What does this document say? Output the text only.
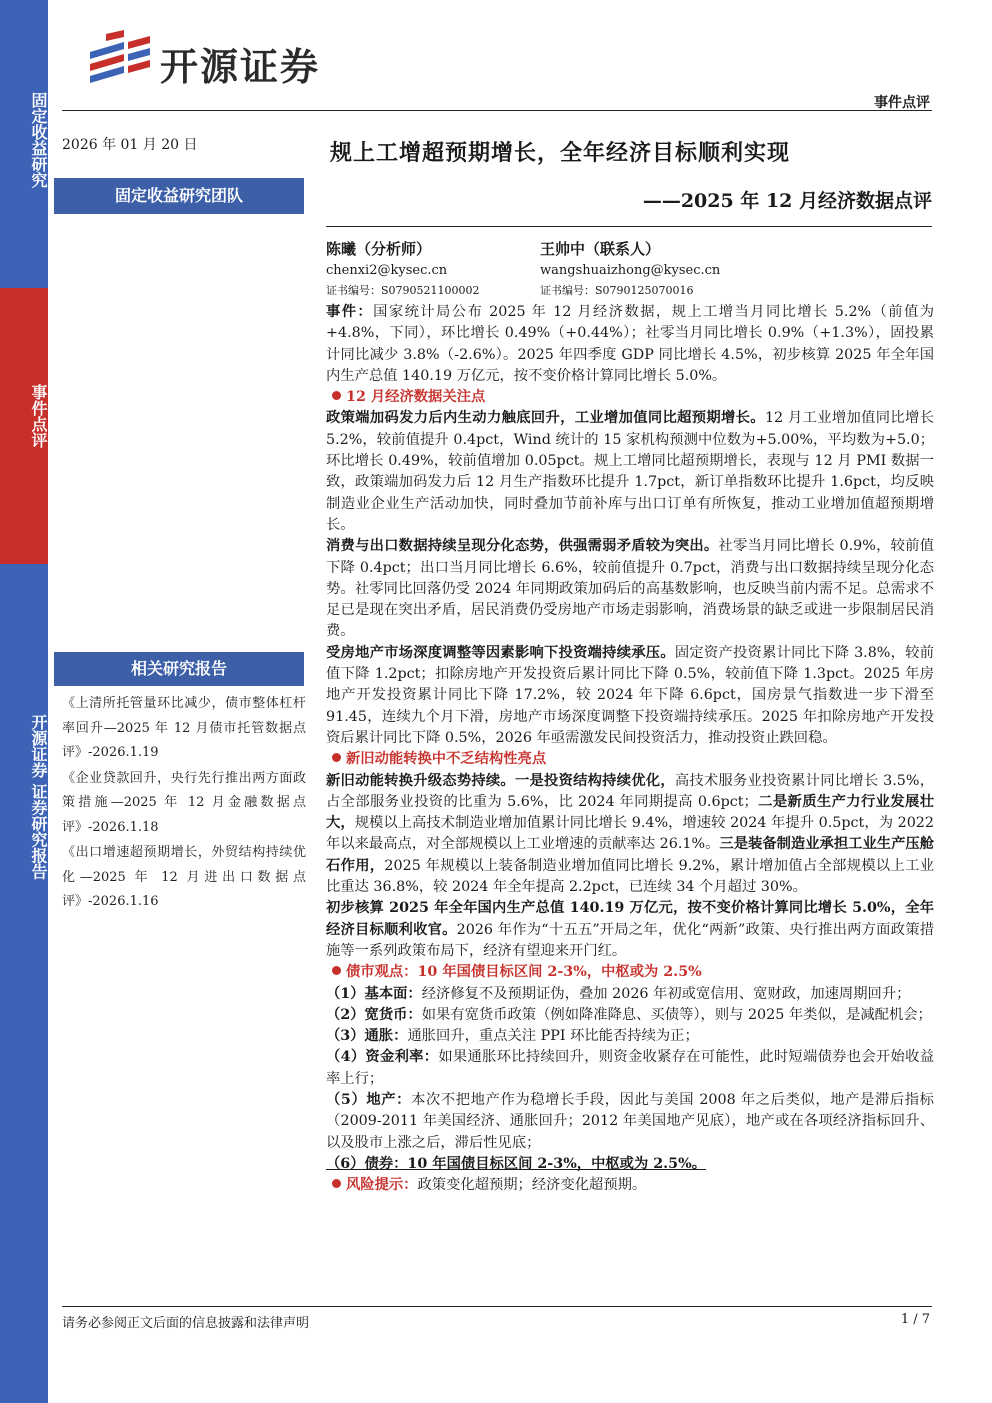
固定收益研究
事件点评
开源证券 证券研究报告
开源证券
事件点评
2026 年 01 月 20 日
固定收益研究团队
规上工增超预期增长，全年经济目标顺利实现
——2025 年 12 月经济数据点评
陈曦（分析师）
chenxi2@kysec.cn
证书编号：S0790521100002
王帅中（联系人）
wangshuaizhong@kysec.cn
证书编号：S0790125070016
相关研究报告

《上清所托管量环比减少，债市整体杠杆率回升—2025 年 12 月债市托管数据点评》-2026.1.19

《企业贷款回升，央行先行推出两方面政策措施—2025 年 12 月金融数据点评》-2026.1.18

《出口增速超预期增长，外贸结构持续优化—2025 年 12 月进出口数据点评》-2026.1.16

事件：国家统计局公布 2025 年 12 月经济数据，规上工增当月同比增长 5.2%（前值为+4.8%，下同），环比增长 0.49%（+0.44%）；社零当月同比增长 0.9%（+1.3%），固投累计同比减少 3.8%（-2.6%）。2025 年四季度 GDP 同比增长 4.5%，初步核算 2025 年全年国内生产总值 140.19 万亿元，按不变价格计算同比增长 5.0%。

12 月经济数据关注点

政策端加码发力后内生动力触底回升，工业增加值同比超预期增长。12 月工业增加值同比增长 5.2%，较前值提升 0.4pct，Wind 统计的 15 家机构预测中位数为+5.00%，平均数为+5.0；环比增长 0.49%，较前值增加 0.05pct。规上工增同比超预期增长，表现与 12 月 PMI 数据一致，政策端加码发力后 12 月生产指数环比提升 1.7pct，新订单指数环比提升 1.6pct，均反映制造业企业生产活动加快，同时叠加节前补库与出口订单有所恢复，推动工业增加值超预期增长。

消费与出口数据持续呈现分化态势，供强需弱矛盾较为突出。社零当月同比增长 0.9%，较前值下降 0.4pct；出口当月同比增长 6.6%，较前值提升 0.7pct，消费与出口数据持续呈现分化态势。社零同比回落仍受 2024 年同期政策加码后的高基数影响，也反映当前内需不足。总需求不足已是现在突出矛盾，居民消费仍受房地产市场走弱影响，消费场景的缺乏或进一步限制居民消费。

受房地产市场深度调整等因素影响下投资端持续承压。固定资产投资累计同比下降 3.8%，较前值下降 1.2pct；扣除房地产开发投资后累计同比下降 0.5%，较前值下降 1.3pct。2025 年房地产开发投资累计同比下降 17.2%，较 2024 年下降 6.6pct，国房景气指数进一步下滑至 91.45，连续九个月下滑，房地产市场深度调整下投资端持续承压。2025 年扣除房地产开发投资后累计同比下降 0.5%，2026 年亟需激发民间投资活力，推动投资止跌回稳。

新旧动能转换中不乏结构性亮点

新旧动能转换升级态势持续。一是投资结构持续优化，高技术服务业投资累计同比增长 3.5%，占全部服务业投资的比重为 5.6%，比 2024 年同期提高 0.6pct；二是新质生产力行业发展壮大，规模以上高技术制造业增加值累计同比增长 9.4%，增速较 2024 年提升 0.5pct，为 2022 年以来最高点，对全部规模以上工业增速的贡献率达 26.1%。三是装备制造业承担工业生产压舱石作用，2025 年规模以上装备制造业增加值同比增长 9.2%，累计增加值占全部规模以上工业比重达 36.8%，较 2024 年全年提高 2.2pct，已连续 34 个月超过 30%。

初步核算 2025 年全年国内生产总值 140.19 万亿元，按不变价格计算同比增长 5.0%，全年经济目标顺利收官。2026 年作为“十五五”开局之年，优化“两新”政策、央行推出两方面政策措施等一系列政策布局下，经济有望迎来开门红。

债市观点：10 年国债目标区间 2-3%，中枢或为 2.5%

（1）基本面：经济修复不及预期证伪，叠加 2026 年初或宽信用、宽财政，加速周期回升；

（2）宽货币：如果有宽货币政策（例如降准降息、买债等），则与 2025 年类似，是减配机会；

（3）通胀：通胀回升，重点关注 PPI 环比能否持续为正；

（4）资金利率：如果通胀环比持续回升，则资金收紧存在可能性，此时短端债券也会开始收益率上行；

（5）地产：本次不把地产作为稳增长手段，因此与美国 2008 年之后类似，地产是滞后指标（2009-2011 年美国经济、通胀回升；2012 年美国地产见底），地产或在各项经济指标回升、以及股市上涨之后，滞后性见底；

（6）债券：10 年国债目标区间 2-3%，中枢或为 2.5%。

风险提示：政策变化超预期；经济变化超预期。

请务必参阅正文后面的信息披露和法律声明	1 / 7
